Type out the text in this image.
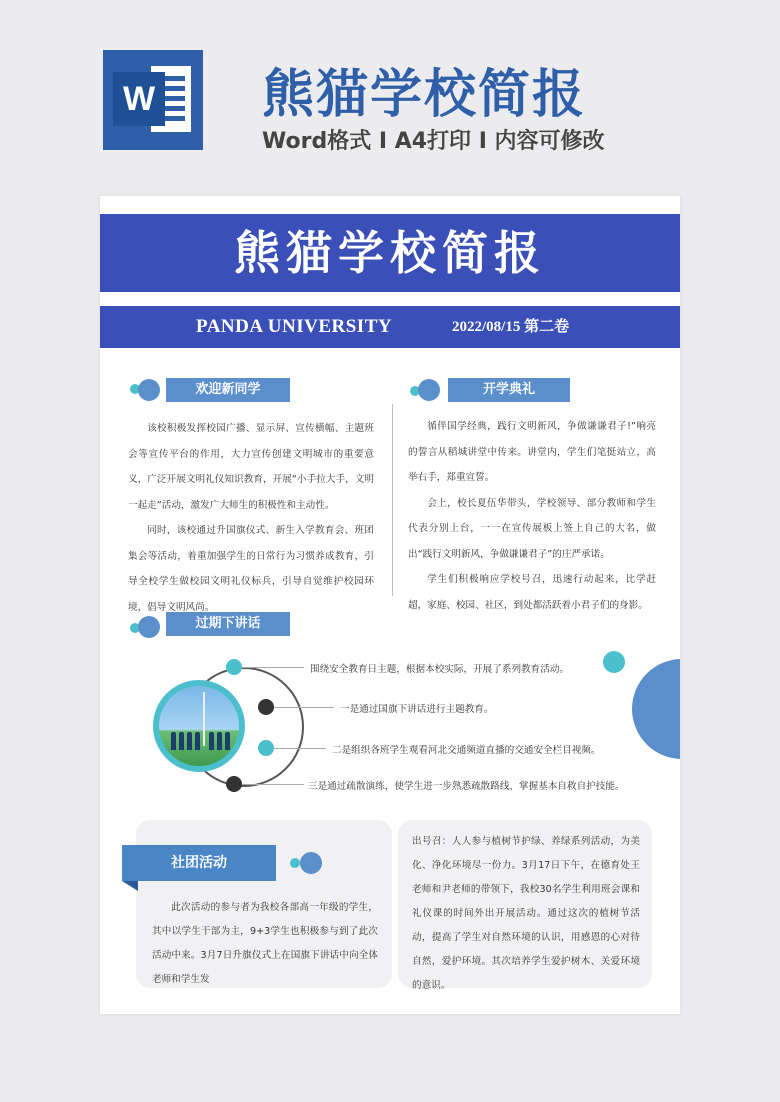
W 熊猫学校简报
Word格式 I A4打印 I 内容可修改
熊猫学校简报
PANDA UNIVERSITY	2022/08/15 第二卷
欢迎新同学

该校积极发挥校园广播、显示屏、宣传横幅、主题班会等宣传平台的作用，大力宣传创建文明城市的重要意义，广泛开展文明礼仪知识教育，开展“小手拉大手，文明一起走”活动，激发广大师生的积极性和主动性。

同时，该校通过升国旗仪式、新生入学教育会、班团集会等活动，着重加强学生的日常行为习惯养成教育，引导全校学生做校园文明礼仪标兵，引导自觉维护校园环境，倡导文明风尚。

开学典礼

循伴国学经典，践行文明新风，争做谦谦君子!”响亮的誓言从稻城讲堂中传来。讲堂内，学生们笔挺站立，高举右手，郑重宣誓。

会上，校长夏伍华带头，学校领导、部分教师和学生代表分别上台，一一在宣传展板上签上自己的大名，做出“践行文明新风，争做谦谦君子”的庄严承诺。

学生们积极响应学校号召，迅速行动起来，比学赶超，家庭、校园、社区，到处都活跃着小君子们的身影。

过期下讲话
围绕安全教育日主题，根据本校实际，开展了系列教育活动。
一是通过国旗下讲话进行主题教育。
二是组织各班学生观看河北交通频道直播的交通安全栏目视频。
三是通过疏散演练，使学生进一步熟悉疏散路线，掌握基本自救自护技能。

此次活动的参与者为我校各部高一年级的学生，其中以学生干部为主，9+3学生也积极参与到了此次活动中来。3月7日升旗仪式上在国旗下讲话中向全体老师和学生发

出号召：人人参与植树节护绿、养绿系列活动，为美化、净化环境尽一份力。3月17日下午，在德育处王老师和尹老师的带领下，我校30名学生利用班会课和礼仪课的时间外出开展活动。通过这次的植树节活动，提高了学生对自然环境的认识，用感恩的心对待自然，爱护环境。其次培养学生爱护树木、关爱环境的意识。

社团活动
